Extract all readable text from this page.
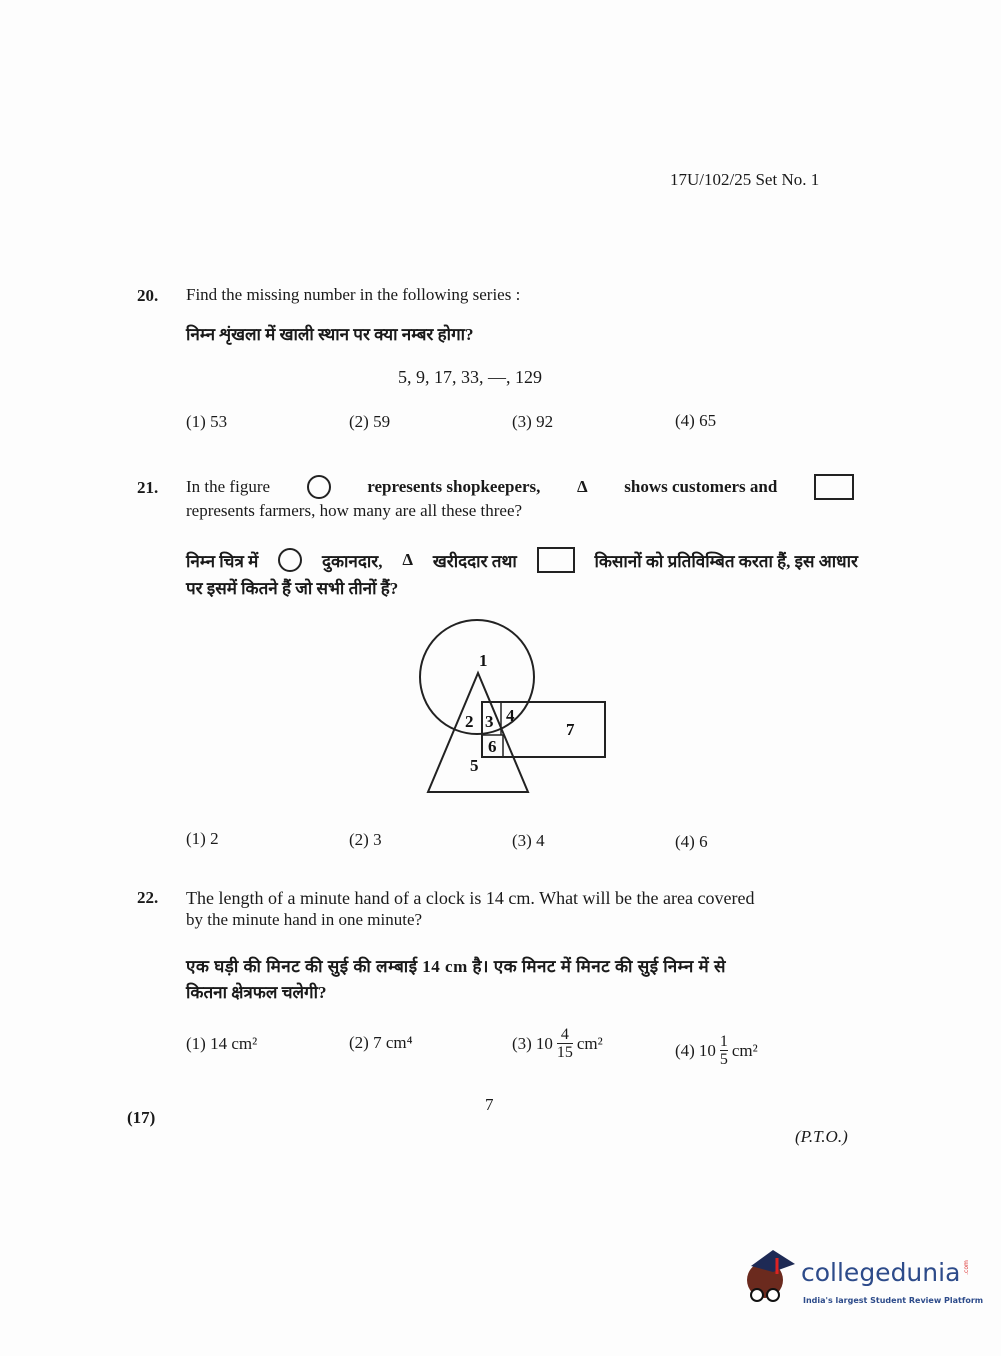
17U/102/25 Set No. 1
20. Find the missing number in the following series :
निम्न शृंखला में खाली स्थान पर क्या नम्बर होगा?
5, 9, 17, 33, —, 129
(1) 53	(2) 59	(3) 92	(4) 65
21. In the figure	represents shopkeepers, Δ shows customers and
represents farmers, how many are all these three?
निम्न चित्र में	दुकानदार, Δ खरीददार तथा	किसानों को प्रतिविम्बित करता हैं, इस आधार
पर इसमें कितने हैं जो सभी तीनों हैं?
1
2 3 4
5
6
7
(1) 2	(2) 3	(3) 4	(4) 6
22. The length of a minute hand of a clock is 14 cm. What will be the area covered
by the minute hand in one minute?
एक घड़ी की मिनट की सुई की लम्बाई 14 cm है। एक मिनट में मिनट की सुई निम्न में से
कितना क्षेत्रफल चलेगी?
(1) 14 cm²	(2) 7 cm⁴	(3) $10 \frac{4}{15} cm^2$	(4) $10 \frac{1}{5} cm^2$
(17)
7
(P.T.O.)
collegedunia .com
India's largest Student Review Platform
